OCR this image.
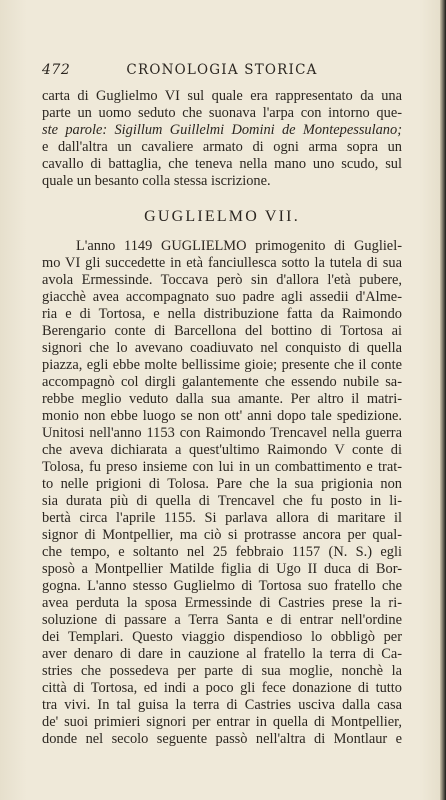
472	CRONOLOGIA STORICA
carta di Guglielmo VI sul quale era rappresentato da una
parte un uomo seduto che suonava l'arpa con intorno que-
ste parole: Sigillum Guillelmi Domini de Montepessulano;
e dall'altra un cavaliere armato di ogni arma sopra un
cavallo di battaglia, che teneva nella mano uno scudo, sul
quale un besanto colla stessa iscrizione.
GUGLIELMO VII.
L'anno 1149 GUGLIELMO primogenito di Gugliel-
mo VI gli succedette in età fanciullesca sotto la tutela di sua
avola Ermessinde. Toccava però sin d'allora l'età pubere,
giacchè avea accompagnato suo padre agli assedii d'Alme-
ria e di Tortosa, e nella distribuzione fatta da Raimondo
Berengario conte di Barcellona del bottino di Tortosa ai
signori che lo avevano coadiuvato nel conquisto di quella
piazza, egli ebbe molte bellissime gioie; presente che il conte
accompagnò col dirgli galantemente che essendo nubile sa-
rebbe meglio veduto dalla sua amante. Per altro il matri-
monio non ebbe luogo se non ott' anni dopo tale spedizione.
Unitosi nell'anno 1153 con Raimondo Trencavel nella guerra
che aveva dichiarata a quest'ultimo Raimondo V conte di
Tolosa, fu preso insieme con lui in un combattimento e trat-
to nelle prigioni di Tolosa. Pare che la sua prigionia non
sia durata più di quella di Trencavel che fu posto in li-
bertà circa l'aprile 1155. Si parlava allora di maritare il
signor di Montpellier, ma ciò si protrasse ancora per qual-
che tempo, e soltanto nel 25 febbraio 1157 (N. S.) egli
sposò a Montpellier Matilde figlia di Ugo II duca di Bor-
gogna. L'anno stesso Guglielmo di Tortosa suo fratello che
avea perduta la sposa Ermessinde di Castries prese la ri-
soluzione di passare a Terra Santa e di entrar nell'ordine
dei Templari. Questo viaggio dispendioso lo obbligò per
aver denaro di dare in cauzione al fratello la terra di Ca-
stries che possedeva per parte di sua moglie, nonchè la
città di Tortosa, ed indi a poco gli fece donazione di tutto
tra vivi. In tal guisa la terra di Castries usciva dalla casa
de' suoi primieri signori per entrar in quella di Montpellier,
donde nel secolo seguente passò nell'altra di Montlaur e
